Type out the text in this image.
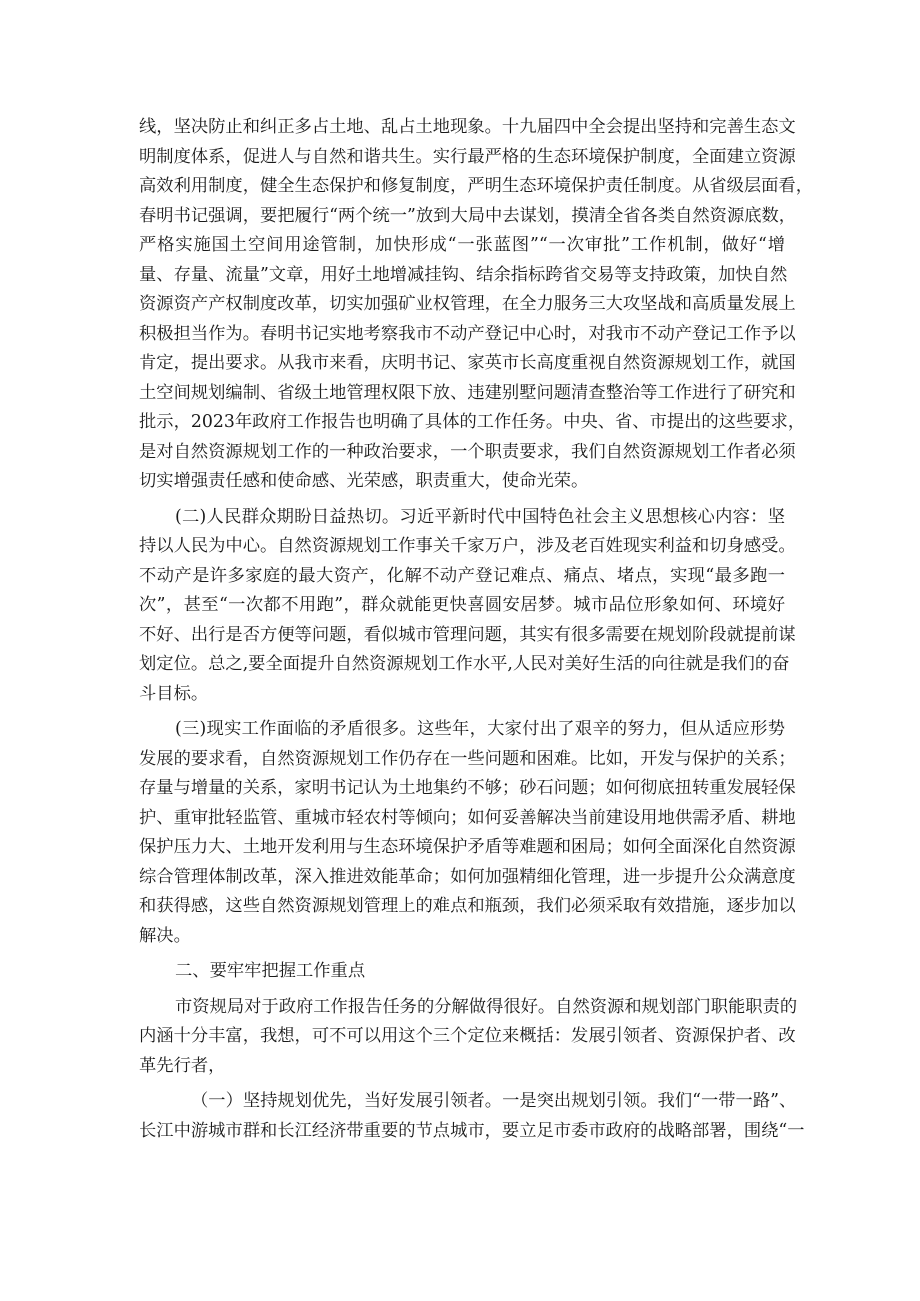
线，坚决防止和纠正多占土地、乱占土地现象。十九届四中全会提出坚持和完善生态文
明制度体系，促进人与自然和谐共生。实行最严格的生态环境保护制度，全面建立资源
高效利用制度，健全生态保护和修复制度，严明生态环境保护责任制度。从省级层面看，
春明书记强调，要把履行“两个统一”放到大局中去谋划，摸清全省各类自然资源底数，
严格实施国土空间用途管制，加快形成“一张蓝图”“一次审批”工作机制，做好“增
量、存量、流量”文章，用好土地增减挂钩、结余指标跨省交易等支持政策，加快自然
资源资产产权制度改革，切实加强矿业权管理，在全力服务三大攻坚战和高质量发展上
积极担当作为。春明书记实地考察我市不动产登记中心时，对我市不动产登记工作予以
肯定，提出要求。从我市来看，庆明书记、家英市长高度重视自然资源规划工作，就国
土空间规划编制、省级土地管理权限下放、违建别墅问题清查整治等工作进行了研究和
批示，2023年政府工作报告也明确了具体的工作任务。中央、省、市提出的这些要求，
是对自然资源规划工作的一种政治要求，一个职责要求，我们自然资源规划工作者必须
切实增强责任感和使命感、光荣感，职责重大，使命光荣。
(二)人民群众期盼日益热切。习近平新时代中国特色社会主义思想核心内容：坚
持以人民为中心。自然资源规划工作事关千家万户，涉及老百姓现实利益和切身感受。
不动产是许多家庭的最大资产，化解不动产登记难点、痛点、堵点，实现“最多跑一
次”，甚至“一次都不用跑”，群众就能更快喜圆安居梦。城市品位形象如何、环境好
不好、出行是否方便等问题，看似城市管理问题，其实有很多需要在规划阶段就提前谋
划定位。总之,要全面提升自然资源规划工作水平,人民对美好生活的向往就是我们的奋
斗目标。
(三)现实工作面临的矛盾很多。这些年，大家付出了艰辛的努力，但从适应形势
发展的要求看，自然资源规划工作仍存在一些问题和困难。比如，开发与保护的关系；
存量与增量的关系，家明书记认为土地集约不够；砂石问题；如何彻底扭转重发展轻保
护、重审批轻监管、重城市轻农村等倾向；如何妥善解决当前建设用地供需矛盾、耕地
保护压力大、土地开发利用与生态环境保护矛盾等难题和困局；如何全面深化自然资源
综合管理体制改革，深入推进效能革命；如何加强精细化管理，进一步提升公众满意度
和获得感，这些自然资源规划管理上的难点和瓶颈，我们必须采取有效措施，逐步加以
解决。
二、要牢牢把握工作重点
市资规局对于政府工作报告任务的分解做得很好。自然资源和规划部门职能职责的
内涵十分丰富，我想，可不可以用这个三个定位来概括：发展引领者、资源保护者、改
革先行者，
（一）坚持规划优先，当好发展引领者。一是突出规划引领。我们“一带一路”、
长江中游城市群和长江经济带重要的节点城市，要立足市委市政府的战略部署，围绕“一
